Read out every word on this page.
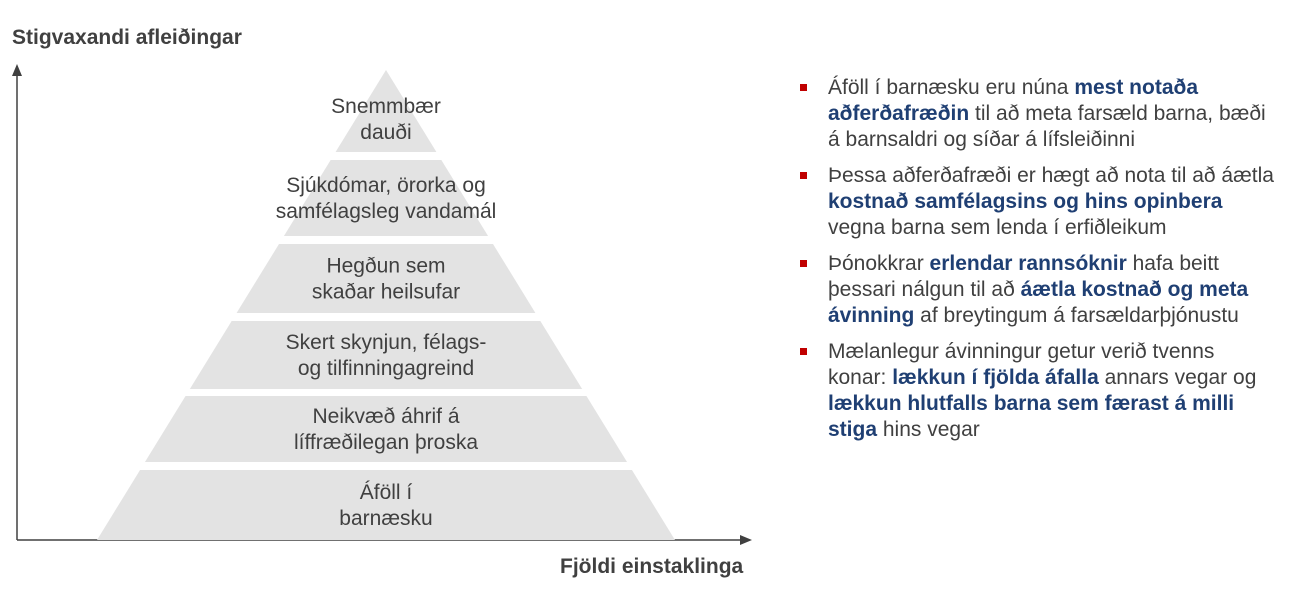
Stigvaxandi afleiðingar
Fjöldi einstaklinga
Snemmbær
dauði
Sjúkdómar, örorka og
samfélagsleg vandamál
Hegðun sem
skaðar heilsufar
Skert skynjun, félags-
og tilfinningagreind
Neikvæð áhrif á
líffræðilegan þroska
Áföll í
barnæsku
Áföll í barnæsku eru núna mest notaða aðferðafræðin til að meta farsæld barna, bæði á barnsaldri og síðar á lífsleiðinni
Þessa aðferðafræði er hægt að nota til að áætla kostnað samfélagsins og hins opinbera vegna barna sem lenda í erfiðleikum
Þónokkrar erlendar rannsóknir hafa beitt þessari nálgun til að áætla kostnað og meta ávinning af breytingum á farsældarþjónustu
Mælanlegur ávinningur getur verið tvenns konar: lækkun í fjölda áfalla annars vegar og lækkun hlutfalls barna sem færast á milli stiga hins vegar
